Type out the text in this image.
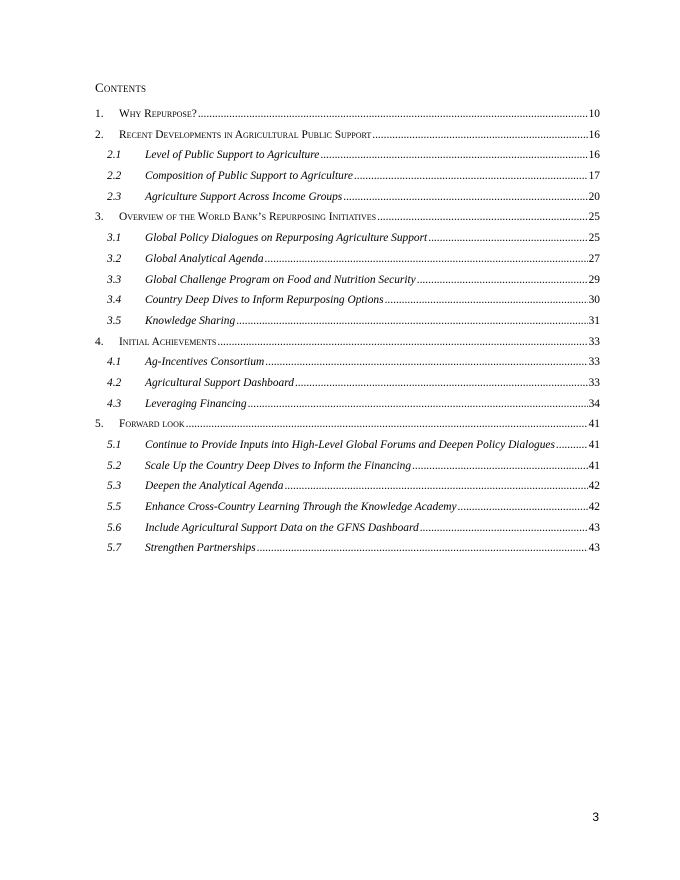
Contents
1.	Why Repurpose? .....	10
2.	Recent Developments in Agricultural Public Support .....	16
2.1	Level of Public Support to Agriculture .....	16
2.2	Composition of Public Support to Agriculture .....	17
2.3	Agriculture Support Across Income Groups .....	20
3.	Overview of the World Bank’s Repurposing Initiatives .....	25
3.1	Global Policy Dialogues on Repurposing Agriculture Support .....	25
3.2	Global Analytical Agenda .....	27
3.3	Global Challenge Program on Food and Nutrition Security .....	29
3.4	Country Deep Dives to Inform Repurposing Options .....	30
3.5	Knowledge Sharing .....	31
4.	Initial Achievements .....	33
4.1	Ag-Incentives Consortium .....	33
4.2	Agricultural Support Dashboard .....	33
4.3	Leveraging Financing .....	34
5.	Forward look .....	41
5.1	Continue to Provide Inputs into High-Level Global Forums and Deepen Policy Dialogues .....	41
5.2	Scale Up the Country Deep Dives to Inform the Financing .....	41
5.3	Deepen the Analytical Agenda .....	42
5.5	Enhance Cross-Country Learning Through the Knowledge Academy .....	42
5.6	Include Agricultural Support Data on the GFNS Dashboard .....	43
5.7	Strengthen Partnerships .....	43
3
